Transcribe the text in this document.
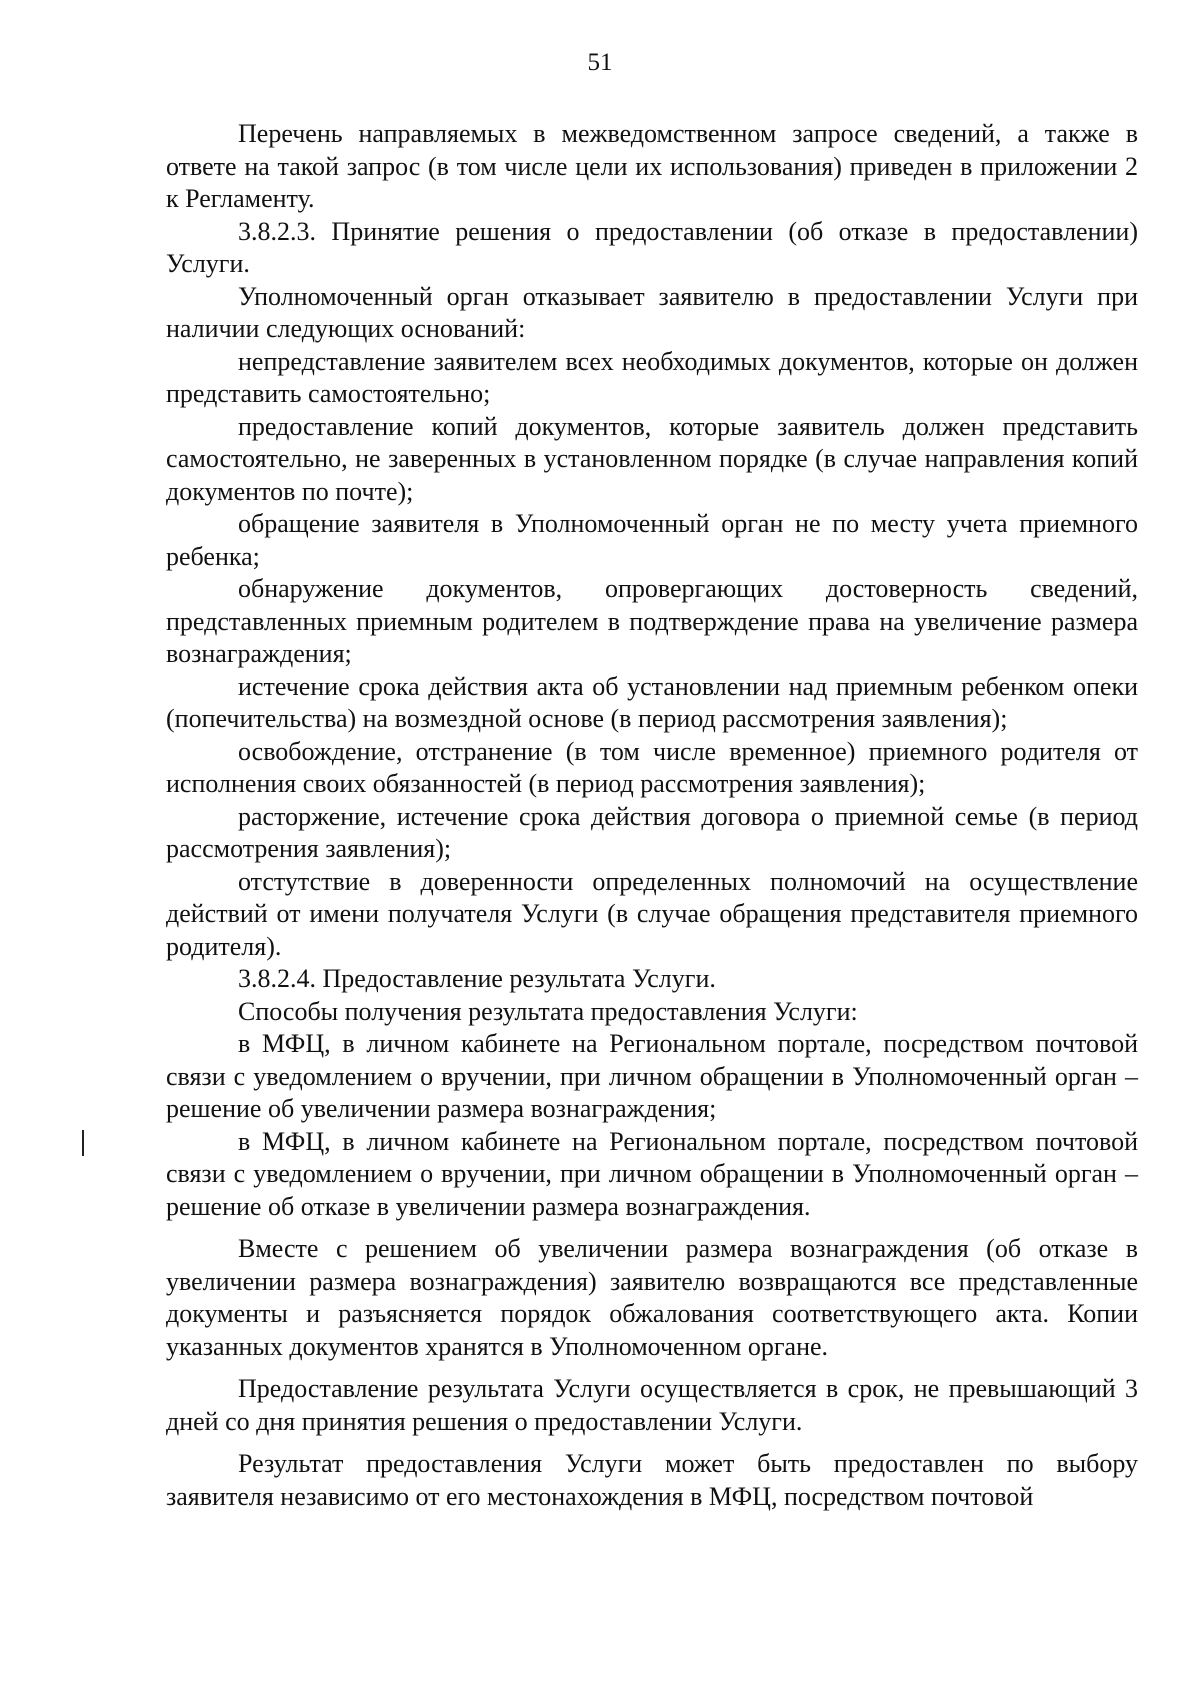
51

Перечень направляемых в межведомственном запросе сведений, а также в ответе на такой запрос (в том числе цели их использования) приведен в приложении 2 к Регламенту.

3.8.2.3. Принятие решения о предоставлении (об отказе в предоставлении) Услуги.

Уполномоченный орган отказывает заявителю в предоставлении Услуги при наличии следующих оснований:

непредставление заявителем всех необходимых документов, которые он должен представить самостоятельно;

предоставление копий документов, которые заявитель должен представить самостоятельно, не заверенных в установленном порядке (в случае направления копий документов по почте);

обращение заявителя в Уполномоченный орган не по месту учета приемного ребенка;

обнаружение документов, опровергающих достоверность сведений, представленных приемным родителем в подтверждение права на увеличение размера вознаграждения;

истечение срока действия акта об установлении над приемным ребенком опеки (попечительства) на возмездной основе (в период рассмотрения заявления);

освобождение, отстранение (в том числе временное) приемного родителя от исполнения своих обязанностей (в период рассмотрения заявления);

расторжение, истечение срока действия договора о приемной семье (в период рассмотрения заявления);

отстутствие в доверенности определенных полномочий на осуществление действий от имени получателя Услуги (в случае обращения представителя приемного родителя).

3.8.2.4. Предоставление результата Услуги.

Способы получения результата предоставления Услуги:

в МФЦ, в личном кабинете на Региональном портале, посредством почтовой связи с уведомлением о вручении, при личном обращении в Уполномоченный орган – решение об увеличении размера вознаграждения;

в МФЦ, в личном кабинете на Региональном портале, посредством почтовой связи с уведомлением о вручении, при личном обращении в Уполномоченный орган – решение об отказе в увеличении размера вознаграждения.

Вместе с решением об увеличении размера вознаграждения (об отказе в увеличении размера вознаграждения) заявителю возвращаются все представленные документы и разъясняется порядок обжалования соответствующего акта. Копии указанных документов хранятся в Уполномоченном органе.

Предоставление результата Услуги осуществляется в срок, не превышающий 3 дней со дня принятия решения о предоставлении Услуги.

Результат предоставления Услуги может быть предоставлен по выбору заявителя независимо от его местонахождения в МФЦ, посредством почтовой
